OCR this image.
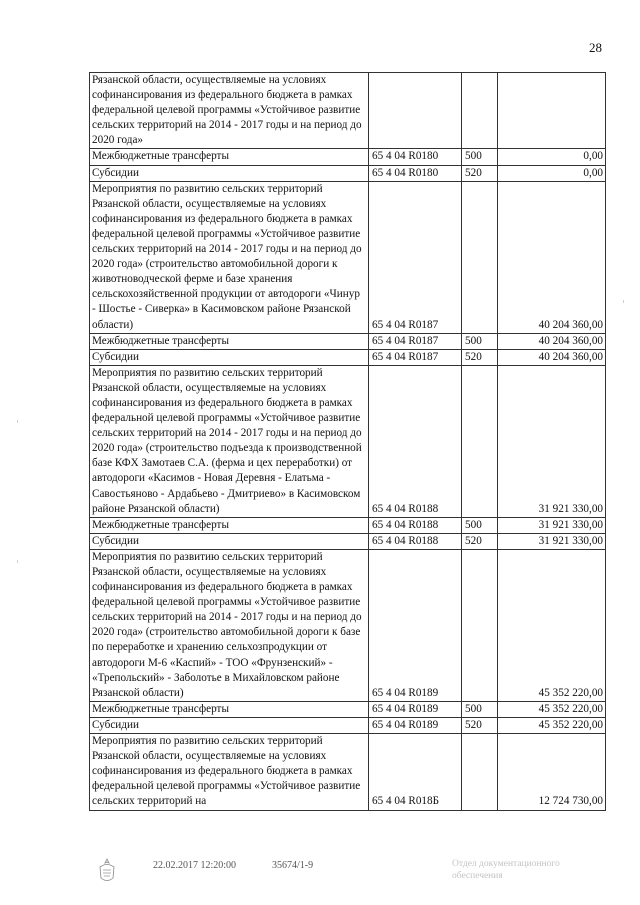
28
Рязанской области, осуществляемые на условиях софинансирования из федерального бюджета в рамках федеральной целевой программы «Устойчивое развитие сельских территорий на 2014 - 2017 годы и на период до 2020 года»			
Межбюджетные трансферты	65 4 04 R0180	500	0,00
Субсидии	65 4 04 R0180	520	0,00
Мероприятия по развитию сельских территорий Рязанской области, осуществляемые на условиях софинансирования из федерального бюджета в рамках федеральной целевой программы «Устойчивое развитие сельских территорий на 2014 - 2017 годы и на период до 2020 года» (строительство автомобильной дороги к животноводческой ферме и базе хранения сельскохозяйственной продукции от автодороги «Чинур - Шостье - Сиверка» в Касимовском районе Рязанской области)	65 4 04 R0187		40 204 360,00
Межбюджетные трансферты	65 4 04 R0187	500	40 204 360,00
Субсидии	65 4 04 R0187	520	40 204 360,00
Мероприятия по развитию сельских территорий Рязанской области, осуществляемые на условиях софинансирования из федерального бюджета в рамках федеральной целевой программы «Устойчивое развитие сельских территорий на 2014 - 2017 годы и на период до 2020 года» (строительство подъезда к производственной базе КФХ Замотаев С.А. (ферма и цех переработки) от автодороги «Касимов - Новая Деревня - Елатьма - Савостьяново - Ардабьево - Дмитриево» в Касимовском районе Рязанской области)	65 4 04 R0188		31 921 330,00
Межбюджетные трансферты	65 4 04 R0188	500	31 921 330,00
Субсидии	65 4 04 R0188	520	31 921 330,00
Мероприятия по развитию сельских территорий Рязанской области, осуществляемые на условиях софинансирования из федерального бюджета в рамках федеральной целевой программы «Устойчивое развитие сельских территорий на 2014 - 2017 годы и на период до 2020 года» (строительство автомобильной дороги к базе по переработке и хранению сельхозпродукции от автодороги М-6 «Каспий» - ТОО «Фрунзенский» - «Трепольский» - Заболотье в Михайловском районе Рязанской области)	65 4 04 R0189		45 352 220,00
Межбюджетные трансферты	65 4 04 R0189	500	45 352 220,00
Субсидии	65 4 04 R0189	520	45 352 220,00
Мероприятия по развитию сельских территорий Рязанской области, осуществляемые на условиях софинансирования из федерального бюджета в рамках федеральной целевой программы «Устойчивое развитие сельских территорий на	65 4 04 R018Б		12 724 730,00
22.02.2017 12:20:00	35674/1-9	Отдел документационного
обеспечения
